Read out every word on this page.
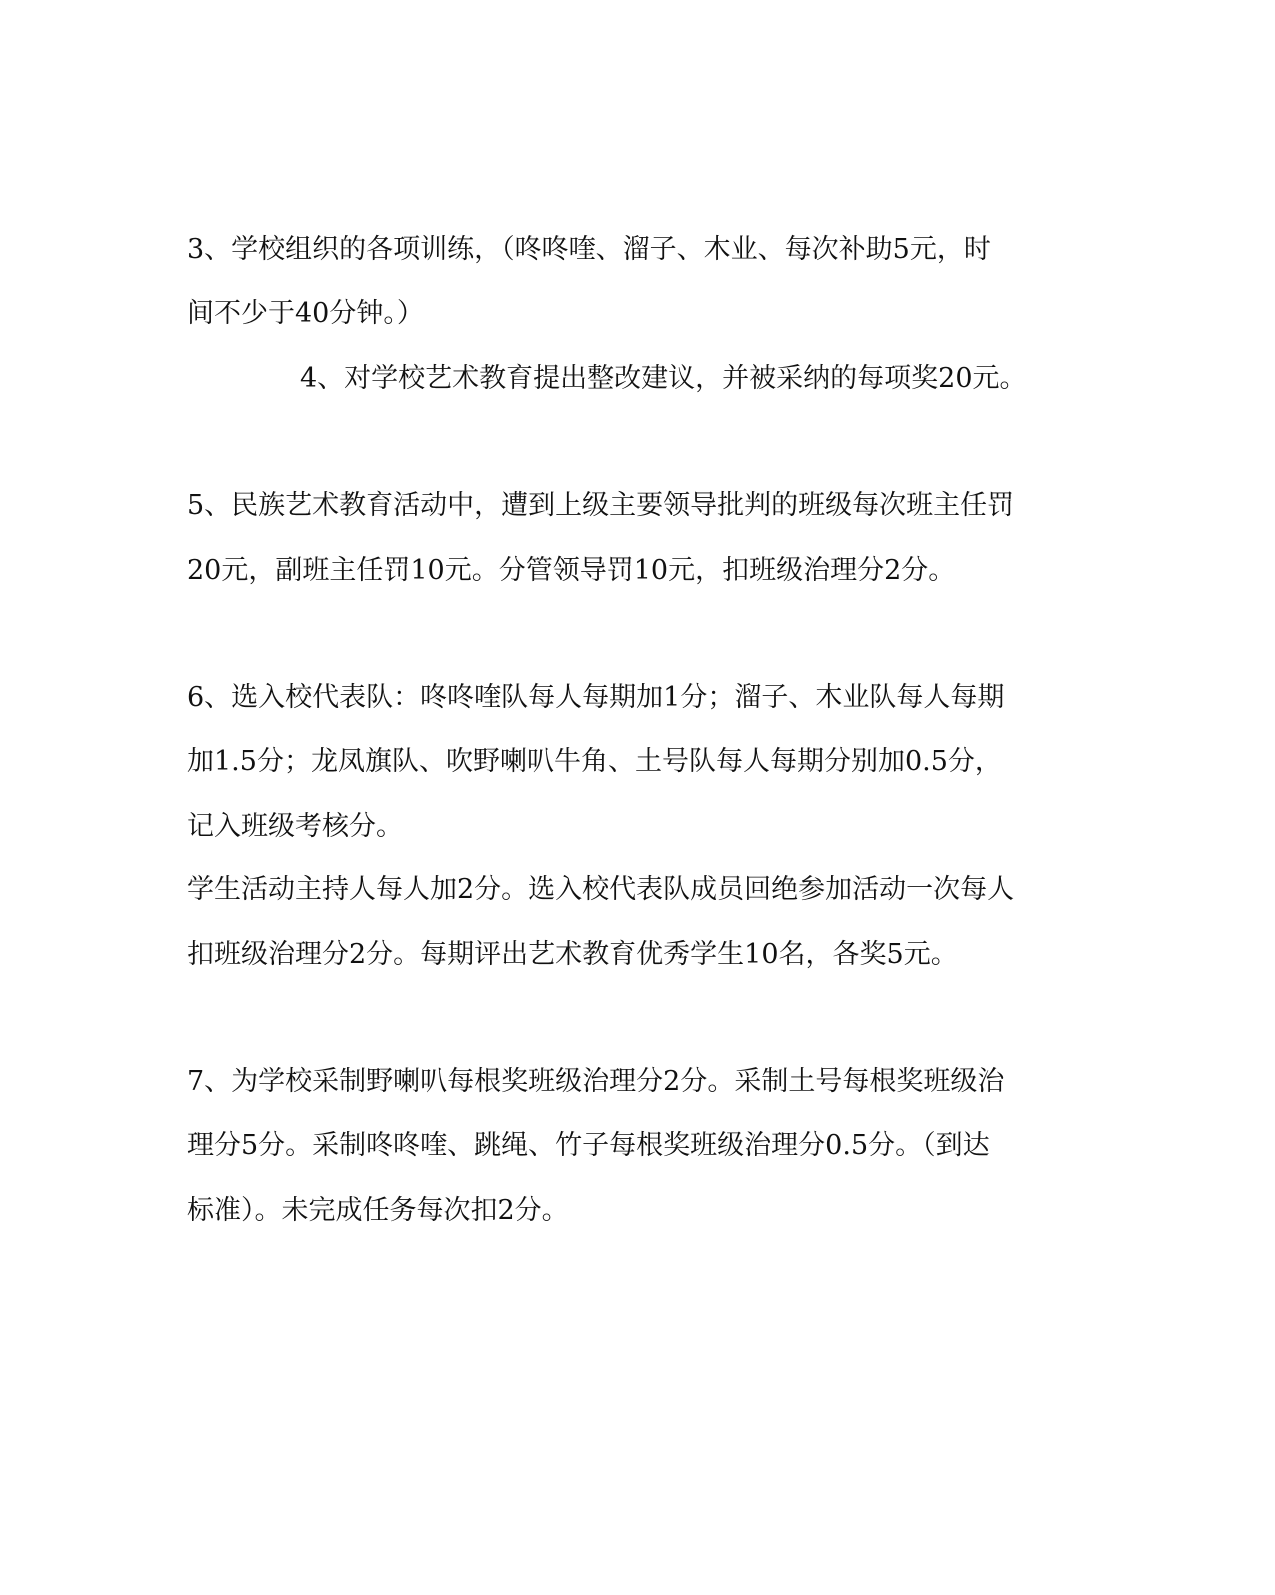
3、学校组织的各项训练，（咚咚喹、溜子、木业、每次补助5元，时
间不少于40分钟。）
4、对学校艺术教育提出整改建议，并被采纳的每项奖20元。
5、民族艺术教育活动中，遭到上级主要领导批判的班级每次班主任罚
20元，副班主任罚10元。分管领导罚10元，扣班级治理分2分。
6、选入校代表队：咚咚喹队每人每期加1分；溜子、木业队每人每期
加1.5分；龙凤旗队、吹野喇叭牛角、土号队每人每期分别加0.5分，
记入班级考核分。
学生活动主持人每人加2分。选入校代表队成员回绝参加活动一次每人
扣班级治理分2分。每期评出艺术教育优秀学生10名，各奖5元。
7、为学校采制野喇叭每根奖班级治理分2分。采制土号每根奖班级治
理分5分。采制咚咚喹、跳绳、竹子每根奖班级治理分0.5分。（到达
标准）。未完成任务每次扣2分。
